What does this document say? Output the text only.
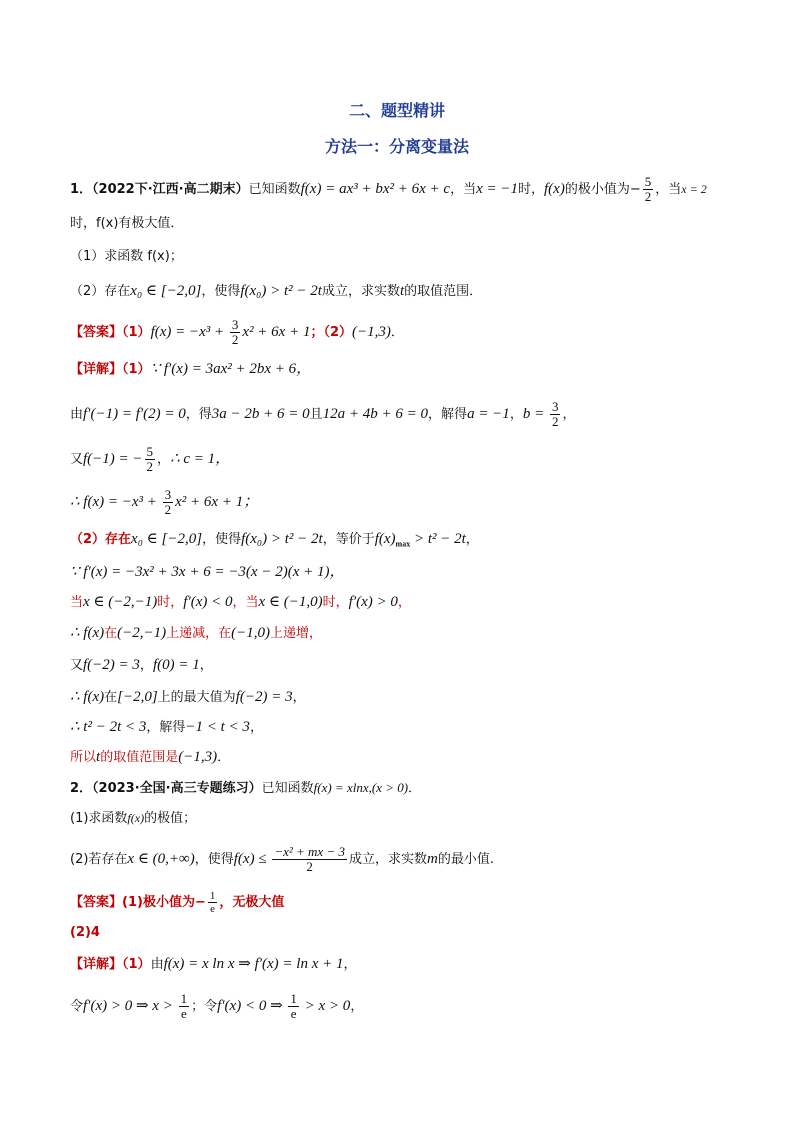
二、题型精讲
方法一：分离变量法
1．（2022下·江西·高二期末）已知函数f(x) = ax³ + bx² + 6x + c，当x = −1时，f(x)的极小值为− $\frac{5}{2}$ ，当x = 2
时，f(x)有极大值．
（1）求函数 f(x)；
（2）存在x₀ ∈ [−2,0]，使得f(x₀) > t² − 2t成立，求实数t的取值范围．
【答案】$(1)f(x) = -x^3 + \frac{3}{2} x^2 + 6x + 1$；（2）(−1,3)．
【详解】（1）∵ f′(x) = 3ax² + 2bx + 6，
由f′(−1) = f′(2) = 0，得3a − 2b + 6 = 0且12a + 4b + 6 = 0，解得a = −1，$b = \frac{3}{2}$ ，
又f(−1) = − $\frac{5}{2}$ ，∴ c = 1，
∴ $f(x) = -x^3 + \frac{3}{2} x^2 + 6x + 1$；
（2）存在x₀ ∈ [−2,0]，使得f(x₀) > t² − 2t，等价于$f(x)_{max} > t^2 - 2t$，
∵ f′(x) = −3x² + 3x + 6 = −3(x − 2)(x + 1)，
当x ∈ (−2,−1)时，f′(x) < 0，当x ∈ (−1,0)时，f′(x) > 0，
∴ f(x)在(−2,−1)上递减，在(−1,0)上递增，
又f(−2) = 3，f(0) = 1，
∴ f(x)在[−2,0]上的最大值为f(−2) = 3，
∴ t² − 2t < 3，解得−1 < t < 3，
所以t的取值范围是(−1,3)．
2．（2023·全国·高三专题练习）已知函数f(x) = xlnx,(x > 0)．
(1)求函数f(x)的极值；
(2)若存在x ∈ (0,+∞)，使得$f(x) \le \frac{\text{−x² + mx − 3}}{2}$ 成立，求实数m的最小值.
【答案】(1)极小值为− $\frac{1}{e}$ ，无极大值
(2)4
【详解】（1）由f(x) = x ln x ⇒ f′(x) = ln x + 1，
令f′(x) > 0 ⇒ $x > \frac{1}{e}$ ；令f′(x) < 0 ⇒ $\frac{1}{e} > x > 0$，
